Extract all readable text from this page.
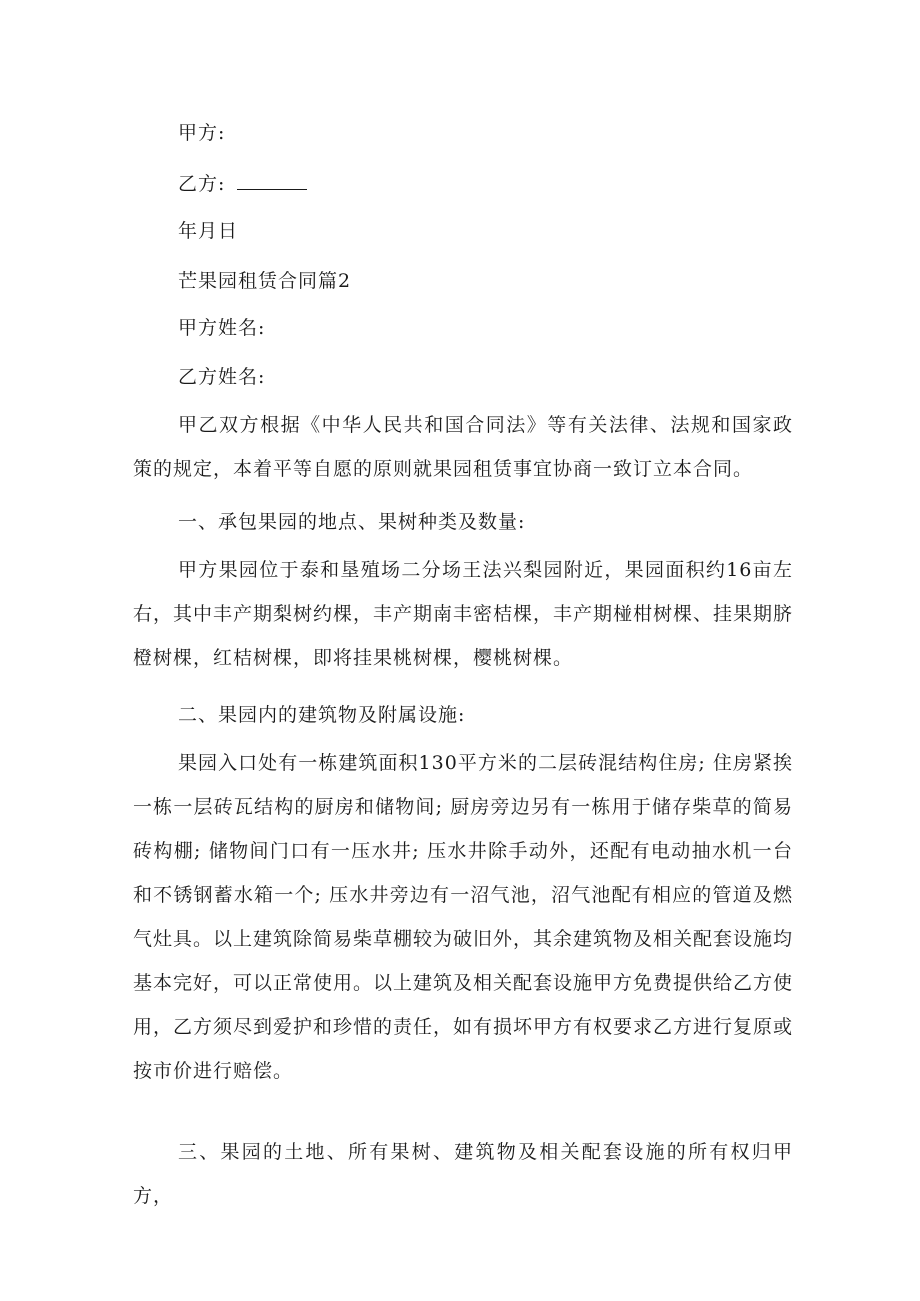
甲方:
乙方:
年月日
芒果园租赁合同篇2
甲方姓名:
乙方姓名:
甲乙双方根据《中华人民共和国合同法》等有关法律、法规和国家政策的规定，本着平等自愿的原则就果园租赁事宜协商一致订立本合同。
一、承包果园的地点、果树种类及数量:
甲方果园位于泰和垦殖场二分场王法兴梨园附近，果园面积约16亩左右，其中丰产期梨树约棵，丰产期南丰密桔棵，丰产期椪柑树棵、挂果期脐橙树棵，红桔树棵，即将挂果桃树棵，樱桃树棵。
二、果园内的建筑物及附属设施:
果园入口处有一栋建筑面积130平方米的二层砖混结构住房; 住房紧挨一栋一层砖瓦结构的厨房和储物间; 厨房旁边另有一栋用于储存柴草的简易砖构棚; 储物间门口有一压水井; 压水井除手动外，还配有电动抽水机一台和不锈钢蓄水箱一个; 压水井旁边有一沼气池，沼气池配有相应的管道及燃气灶具。以上建筑除简易柴草棚较为破旧外，其余建筑物及相关配套设施均基本完好，可以正常使用。以上建筑及相关配套设施甲方免费提供给乙方使用，乙方须尽到爱护和珍惜的责任，如有损坏甲方有权要求乙方进行复原或按市价进行赔偿。
三、果园的土地、所有果树、建筑物及相关配套设施的所有权归甲方，
